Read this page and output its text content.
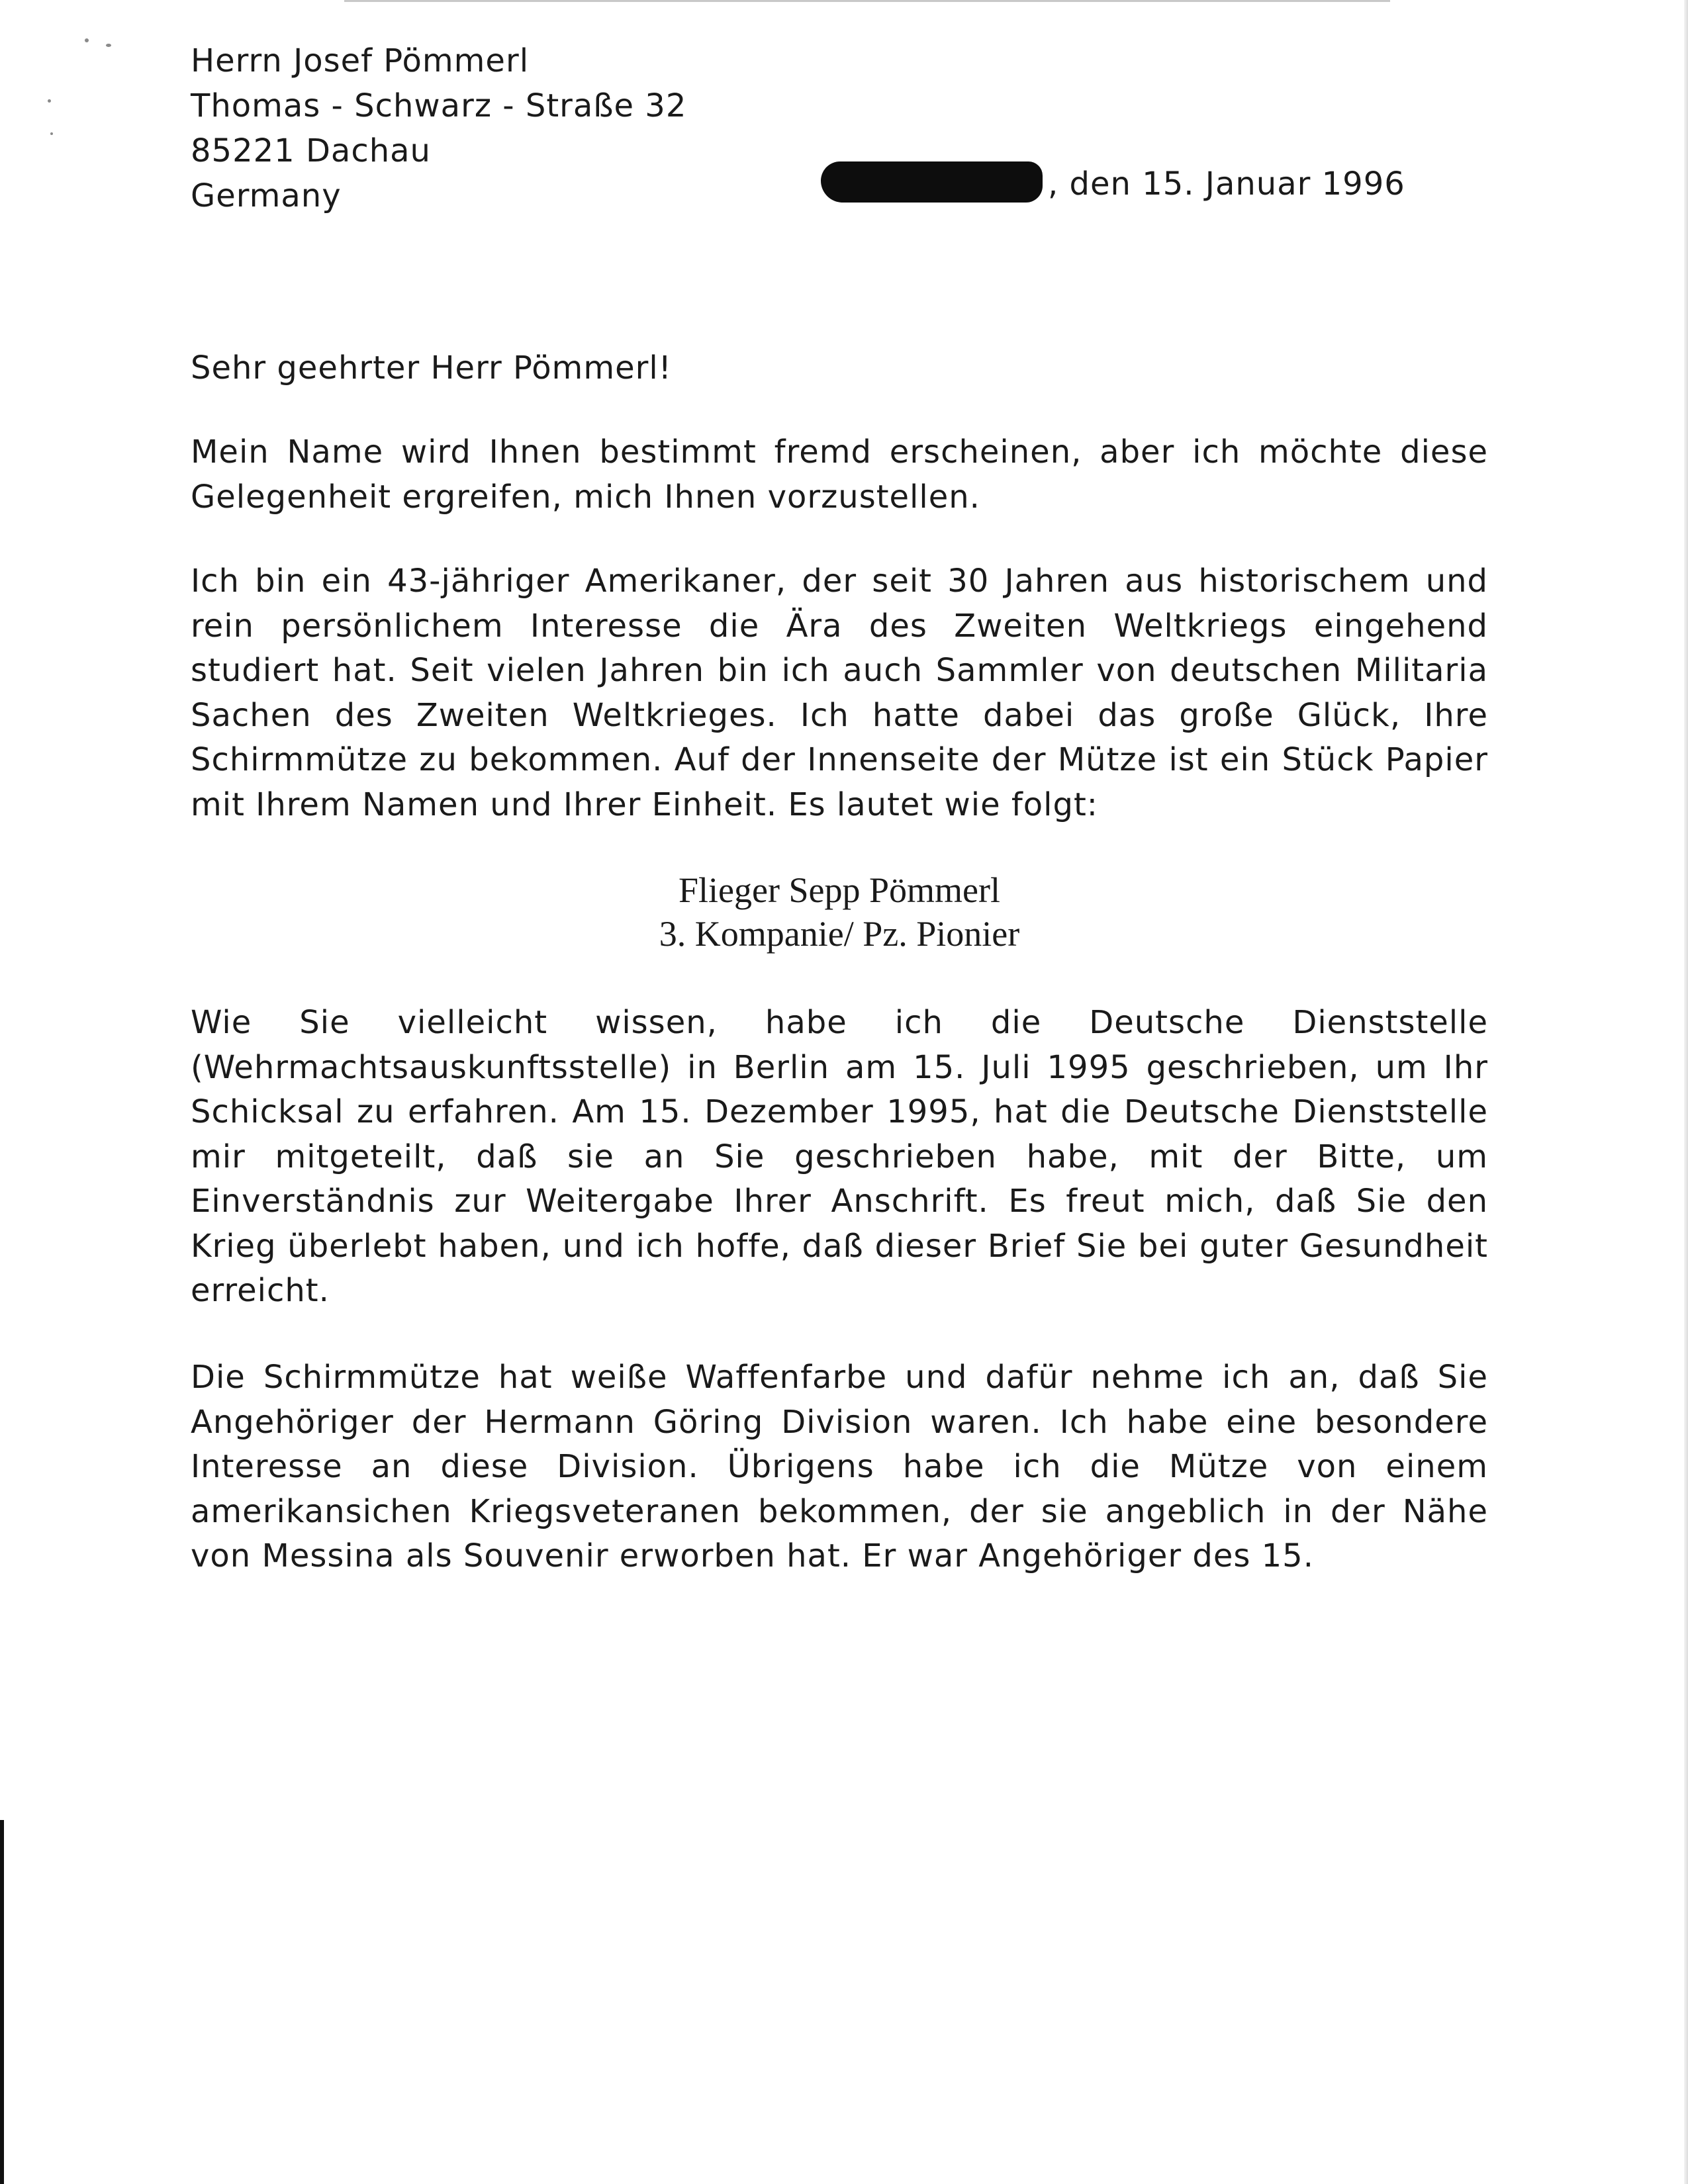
Herrn Josef Pömmerl
Thomas - Schwarz - Straße 32
85221 Dachau
Germany	, den 15. Januar 1996
Sehr geehrter Herr Pömmerl!
Mein Name wird Ihnen bestimmt fremd erscheinen, aber ich möchte diese Gelegenheit ergreifen, mich Ihnen vorzustellen.
Ich bin ein 43-jähriger Amerikaner, der seit 30 Jahren aus historischem und rein persönlichem Interesse die Ära des Zweiten Weltkriegs eingehend studiert hat. Seit vielen Jahren bin ich auch Sammler von deutschen Militaria Sachen des Zweiten Weltkrieges. Ich hatte dabei das große Glück, Ihre Schirmmütze zu bekommen. Auf der Innenseite der Mütze ist ein Stück Papier mit Ihrem Namen und Ihrer Einheit. Es lautet wie folgt:
Flieger Sepp Pömmerl
3. Kompanie/ Pz. Pionier
Wie Sie vielleicht wissen, habe ich die Deutsche Dienststelle (Wehrmachtsauskunftsstelle) in Berlin am 15. Juli 1995 geschrieben, um Ihr Schicksal zu erfahren. Am 15. Dezember 1995, hat die Deutsche Dienststelle mir mitgeteilt, daß sie an Sie geschrieben habe, mit der Bitte, um Einverständnis zur Weitergabe Ihrer Anschrift. Es freut mich, daß Sie den Krieg überlebt haben, und ich hoffe, daß dieser Brief Sie bei guter Gesundheit erreicht.
Die Schirmmütze hat weiße Waffenfarbe und dafür nehme ich an, daß Sie Angehöriger der Hermann Göring Division waren. Ich habe eine besondere Interesse an diese Division. Übrigens habe ich die Mütze von einem amerikansichen Kriegsveteranen bekommen, der sie angeblich in der Nähe von Messina als Souvenir erworben hat. Er war Angehöriger des 15.
